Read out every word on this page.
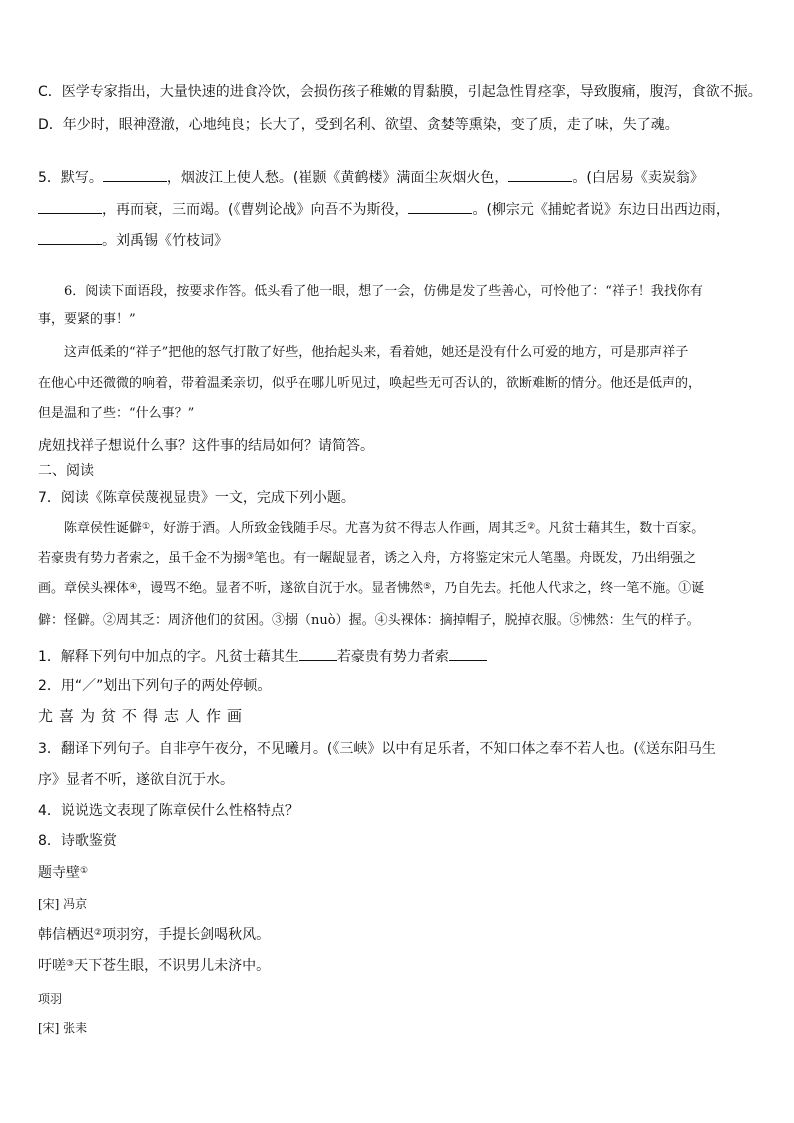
C．医学专家指出，大量快速的进食冷饮，会损伤孩子稚嫩的胃黏膜，引起急性胃痉挛，导致腹痛，腹泻，食欲不振。
D．年少时，眼神澄澈，心地纯良；长大了，受到名利、欲望、贪婪等熏染，变了质，走了味，失了魂。
5．默写。	，烟波江上使人愁。(崔颢《黄鹤楼》满面尘灰烟火色，	。(白居易《卖炭翁》
，再而衰，三而竭。(《曹刿论战》向吾不为斯役，	。(柳宗元《捕蛇者说》东边日出西边雨，
。刘禹锡《竹枝词》
6．阅读下面语段，按要求作答。低头看了他一眼，想了一会，仿佛是发了些善心，可怜他了：“祥子！我找你有
事，要紧的事！”
这声低柔的“祥子”把他的怒气打散了好些，他抬起头来，看着她，她还是没有什么可爱的地方，可是那声祥子
在他心中还微微的响着，带着温柔亲切，似乎在哪儿听见过，唤起些无可否认的，欲断难断的情分。他还是低声的，
但是温和了些：“什么事？”
虎妞找祥子想说什么事？这件事的结局如何？请简答。
二、阅读
7．阅读《陈章侯蔑视显贵》一文，完成下列小题。
陈章侯性诞僻①，好游于酒。人所致金钱随手尽。尤喜为贫不得志人作画，周其乏②。凡贫士藉其生，数十百家。
若豪贵有势力者索之，虽千金不为搦③笔也。有一龌龊显者，诱之入舟，方将鉴定宋元人笔墨。舟既发，乃出绢强之
画。章侯头裸体④，谩骂不绝。显者不听，遂欲自沉于水。显者怫然⑤，乃自先去。托他人代求之，终一笔不施。①诞
僻：怪僻。②周其乏：周济他们的贫困。③搦（nuò）握。④头裸体：摘掉帽子，脱掉衣服。⑤怫然：生气的样子。
1．解释下列句中加点的字。凡贫士藉其生	若豪贵有势力者索
2．用“／”划出下列句子的两处停顿。
尤喜为贫不得志人作画
3．翻译下列句子。自非亭午夜分，不见曦月。(《三峡》以中有足乐者，不知口体之奉不若人也。(《送东阳马生
序》显者不听，遂欲自沉于水。
4．说说选文表现了陈章侯什么性格特点？
8．诗歌鉴赏
题寺壁①
[宋] 冯京
韩信栖迟②项羽穷，手提长剑喝秋风。
吁嗟③天下苍生眼，不识男儿未济中。
项羽
[宋] 张耒
